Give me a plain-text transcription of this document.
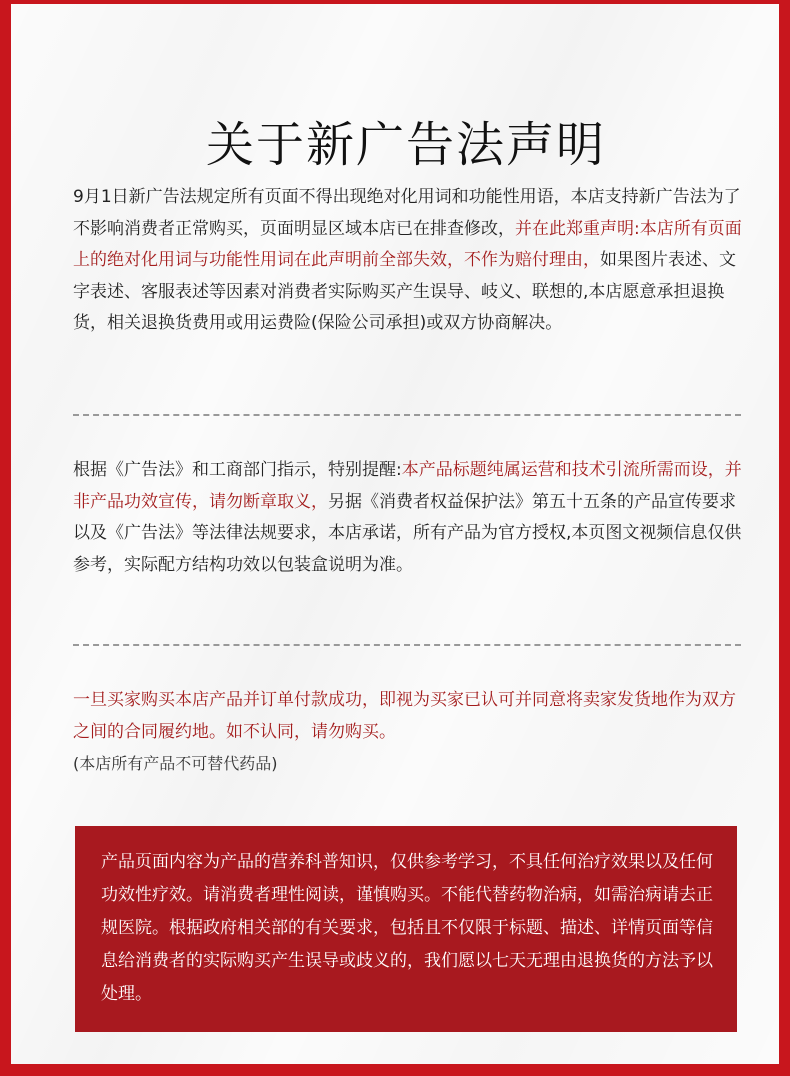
关于新广告法声明

9月1日新广告法规定所有页面不得出现绝对化用词和功能性用语，本店支持新广告法为了不影响消费者正常购买，页面明显区域本店已在排查修改，并在此郑重声明:本店所有页面上的绝对化用词与功能性用词在此声明前全部失效，不作为赔付理由，如果图片表述、文字表述、客服表述等因素对消费者实际购买产生误导、岐义、联想的,本店愿意承担退换货，相关退换货费用或用运费险(保险公司承担)或双方协商解决。

根据《广告法》和工商部门指示，特别提醒:本产品标题纯属运营和技术引流所需而设，并非产品功效宣传，请勿断章取义，另据《消费者权益保护法》第五十五条的产品宣传要求以及《广告法》等法律法规要求，本店承诺，所有产品为官方授权,本页图文视频信息仅供参考，实际配方结构功效以包装盒说明为准。

一旦买家购买本店产品并订单付款成功，即视为买家已认可并同意将卖家发货地作为双方之间的合同履约地。如不认同，请勿购买。

(本店所有产品不可替代药品)

产品页面内容为产品的营养科普知识，仅供参考学习，不具任何治疗效果以及任何功效性疗效。请消费者理性阅读，谨慎购买。不能代替药物治病，如需治病请去正规医院。根据政府相关部的有关要求，包括且不仅限于标题、描述、详情页面等信息给消费者的实际购买产生误导或歧义的，我们愿以七天无理由退换货的方法予以处理。
